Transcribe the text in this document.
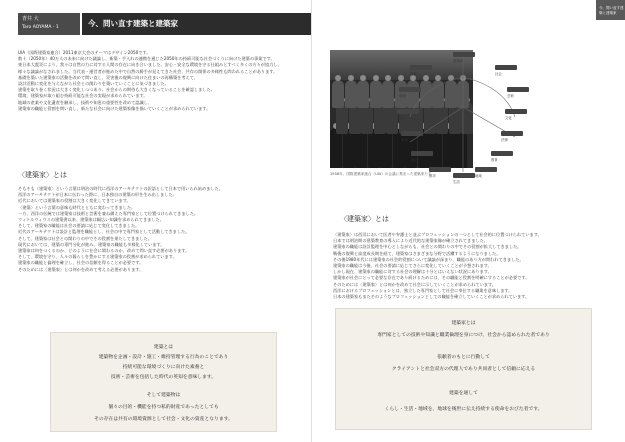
青井 大
Taro AOYAMA - 1	今、問い直す建築と建築家

UIA（国際建築家連合）2011東京大会のテーマはデザイン2050です。

数十（2050年）40万人の未来に向けた議論し、新築・手入れの連携を通じた2050年の持続可能な社会づくりに向けた建築の事業です。

東日本大震災により、我々は自然の力に対する人間の存在に向き合いました。安心・安全な環境を守る仕組みとすべく多くの方々が協力し、

様々な議論がなされました。当代表・運営者が進めた中で自然の勝手が見えてきた社会、共存の関係の多様性も問われることがあります。

基礎を築いた建築家の活動を改めて問い直し、災害後の復興に向けた住まいの再構築を考えて、

設計活動に変化を与えながら社会との関わりを築いていくことに気づきました。

建築を取り巻く状況は大きく変化しつつあり、社会からの期待も大きくなっていることを確認しました。

環境、建築家が取り組む持続可能な社会の実現が求められています。

地域の産業や文化遺産を継承し、技術や知恵の重要性を改めて認識し、

建築家の職能と役割を問い直し、新たな社会に向けた建築家像を描いていくことが求められています。

〈建築家〉とは

そもそも〈建築家〉という言葉は明治の時代に西洋のアーキテクトの訳語として日本で用いられ始めました。

西洋のアーキテクトが日本に伝わった際に、日本独自の建築の形を生み出しました。

近代においては建築家の役割は大きく変化してきています。

〈建築〉という言葉の意味も時代とともに変わってきました。

一方、西洋の伝統では建築家は技術と芸術を兼ね備えた専門家として位置づけられてきました。

ウィトルウィウスの建築書以来、建築家は幅広い知識を求められてきました。

そして、建築家の職能は社会の要請に応じて変化してきました。

近代のアーキテクトは設計と監理を職能とし、社会の中で専門家として活動してきました。

そして、建築家は社会との関わりの中でその役割を果たしてきました。

現代においては、建築の専門分化が進み、建築家の職能も多様化しています。

建築家は何をつくるのか、どのように社会に関わるのか、改めて問い直す必要があります。

そして、環境を守り、人々の暮らしを豊かにする建築家の役割が求められています。

建築家の職能と倫理を確立し、社会の信頼を得ることが必要です。

そのためには〈建築家〉とは何かを改めて考える必要があります。

建築とは
建築物を企画・設計・施工・維持管理する行為のことであり
持続可能な環境づくりに向けた素養と
技術・芸術を包括した時代の英知を意味します。
そして建築物は
個々の目的・機能を持つ私的財産であったとしても
その存在は共有の環境資源として社会・文化の資産となります。
今、問い直す建築と建築家
1958年、国際建築家連合（UIA）の会議に集まった建築家たち
建築家
社会
技術
芸術
環境
文化
経済
法律
倫理
教育
歴史
地域
都市
生活
〈建築家〉とは

〈建築家〉は西洋において医者や弁護士と並ぶプロフェッションの一つとして社会的に位置づけられています。

日本では明治期の建築教育の導入により近代的な建築家像が確立されてきました。

建築家の職能は設計監理を中心としながらも、社会との関わりの中でその役割が拡大してきました。

戦後の復興と高度成長期を経て、建築家はさまざまな分野で活躍するようになりました。

その後1980年代には建築家の社会的役割について議論が深まり、職能のあり方が問われてきました。

建築家の職能は今後、社会の要請に応じてさらに変化していくことが予想されます。

しかし現在、建築家の職能に対する社会の理解は十分とはいえない状況にあります。

建築家が社会にとって必要な存在であり続けるためには、その職能と役割を明確にすることが必要です。

そのためには〈建築家〉とは何かを改めて社会に示していくことが求められています。

西洋におけるプロフェッションとは、独立した専門家として社会に奉仕する職業を意味します。

日本の建築家もまたそのようなプロフェッションとしての職能を確立していくことが求められています。

建築家とは
専門家としての技術や知識と職業倫理を身につけ、社会から認められた者であり
依頼者のもとに行動して
クライアントと社会双方の代理人であり共同者として信頼に応える
建築を通して
くらし・生活・地域を、地球を後世に伝え持続する使命をおびた者です。
